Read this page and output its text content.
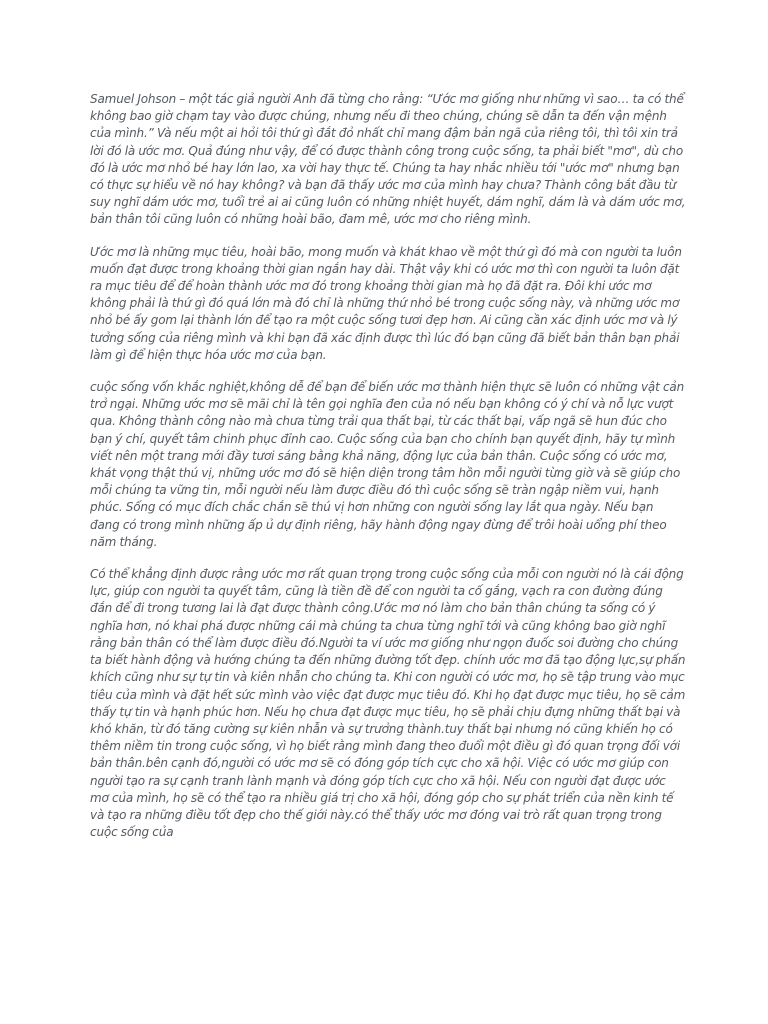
Samuel Johson – một tác giả người Anh đã từng cho rằng: “Ước mơ giống như những vì sao… ta có thể không bao giờ chạm tay vào được chúng, nhưng nếu đi theo chúng, chúng sẽ dẫn ta đến vận mệnh của mình.” Và nếu một ai hỏi tôi thứ gì đắt đỏ nhất chỉ mang đậm bản ngã của riêng tôi, thì tôi xin trả lời đó là ước mơ. Quả đúng như vậy, để có được thành công trong cuộc sống, ta phải biết "mơ", dù cho đó là ước mơ nhỏ bé hay lớn lao, xa vời hay thực tế. Chúng ta hay nhắc nhiều tới "ước mơ" nhưng bạn có thực sự hiểu về nó hay không? và bạn đã thấy ước mơ của mình hay chưa? Thành công bắt đầu từ suy nghĩ dám ước mơ, tuổi trẻ ai ai cũng luôn có những nhiệt huyết, dám nghĩ, dám là và dám ước mơ, bản thân tôi cũng luôn có những hoài bão, đam mê, ước mơ cho riêng mình.

Ước mơ là những mục tiêu, hoài bão, mong muốn và khát khao về một thứ gì đó mà con người ta luôn muốn đạt được trong khoảng thời gian ngắn hay dài. Thật vậy khi có ước mơ thì con người ta luôn đặt ra mục tiêu để để hoàn thành ước mơ đó trong khoảng thời gian mà họ đã đặt ra. Đôi khi ước mơ không phải là thứ gì đó quá lớn mà đó chỉ là những thứ nhỏ bé trong cuộc sống này, và những ước mơ nhỏ bé ấy gom lại thành lớn để tạo ra một cuộc sống tươi đẹp hơn. Ai cũng cần xác định ước mơ và lý tưởng sống của riêng mình và khi bạn đã xác định được thì lúc đó bạn cũng đã biết bản thân bạn phải làm gì để hiện thực hóa ước mơ của bạn.

cuộc sống vốn khắc nghiệt,không dễ để bạn để biến ước mơ thành hiện thực sẽ luôn có những vật cản trở ngại. Những ước mơ sẽ mãi chỉ là tên gọi nghĩa đen của nó nếu bạn không có ý chí và nỗ lực vượt qua. Không thành công nào mà chưa từng trải qua thất bại, từ các thất bại, vấp ngã sẽ hun đúc cho bạn ý chí, quyết tâm chinh phục đỉnh cao. Cuộc sống của bạn cho chính bạn quyết định, hãy tự mình viết nên một trang mới đầy tươi sáng bằng khả năng, động lực của bản thân. Cuộc sống có ước mơ, khát vọng thật thú vị, những ước mơ đó sẽ hiện diện trong tâm hồn mỗi người từng giờ và sẽ giúp cho mỗi chúng ta vững tin, mỗi người nếu làm được điều đó thì cuộc sống sẽ tràn ngập niềm vui, hạnh phúc. Sống có mục đích chắc chắn sẽ thú vị hơn những con người sống lay lắt qua ngày. Nếu bạn đang có trong mình những ấp ủ dự định riêng, hãy hành động ngay đừng để trôi hoài uổng phí theo năm tháng.

Có thể khẳng định được rằng ước mơ rất quan trọng trong cuộc sống của mỗi con người nó là cái động lực, giúp con người ta quyết tâm, cũng là tiền đề để con người ta cố gắng, vạch ra con đường đúng đắn để đi trong tương lai là đạt được thành công.Ước mơ nó làm cho bản thân chúng ta sống có ý nghĩa hơn, nó khai phá được những cái mà chúng ta chưa từng nghĩ tới và cũng không bao giờ nghĩ rằng bản thân có thể làm được điều đó.Người ta ví ước mơ giống như ngọn đuốc soi đường cho chúng ta biết hành động và hướng chúng ta đến những đường tốt đẹp. chính ước mơ đã tạo động lực,sự phấn khích cũng như sự tự tin và kiên nhẫn cho chúng ta. Khi con người có ước mơ, họ sẽ tập trung vào mục tiêu của mình và đặt hết sức mình vào việc đạt được mục tiêu đó. Khi họ đạt được mục tiêu, họ sẽ cảm thấy tự tin và hạnh phúc hơn. Nếu họ chưa đạt được mục tiêu, họ sẽ phải chịu đựng những thất bại và khó khăn, từ đó tăng cường sự kiên nhẫn và sự trưởng thành.tuy thất bại nhưng nó cũng khiến họ có thêm niềm tin trong cuộc sống, vì họ biết rằng mình đang theo đuổi một điều gì đó quan trọng đối với bản thân.bên cạnh đó,người có ước mơ sẽ có đóng góp tích cực cho xã hội. Việc có ước mơ giúp con người tạo ra sự cạnh tranh lành mạnh và đóng góp tích cực cho xã hội. Nếu con người đạt được ước mơ của mình, họ sẽ có thể tạo ra nhiều giá trị cho xã hội, đóng góp cho sự phát triển của nền kinh tế và tạo ra những điều tốt đẹp cho thế giới này.có thể thấy ước mơ đóng vai trò rất quan trọng trong cuộc sống của
